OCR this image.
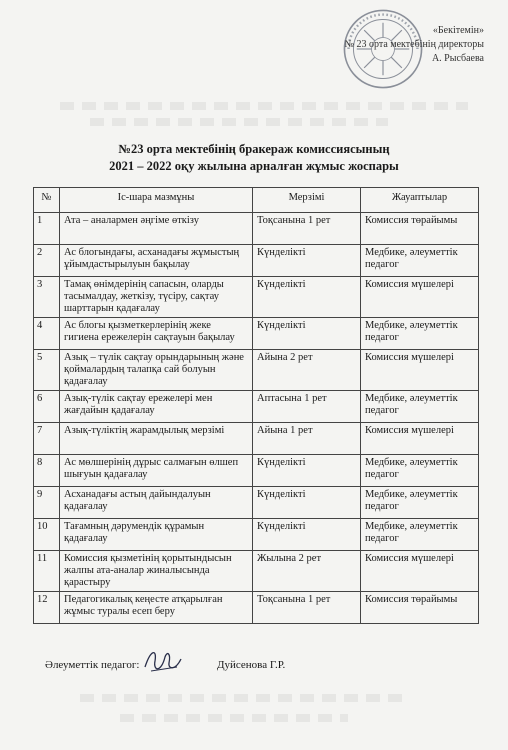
«Бекітемін»
№ 23 орта мектебінің директоры
А. Рысбаева
№23 орта мектебінің бракераж комиссиясының
2021 – 2022 оқу жылына арналған жұмыс жоспары
№	Іс-шара мазмұны	Мерзімі	Жауаптылар
1	Ата – аналармен әңгіме өткізу	Тоқсанына 1 рет	Комиссия төрайымы
2	Ас блогындағы, асханадағы жұмыстың ұйымдастырылуын бақылау	Күнделікті	Медбике, әлеуметтік педагог
3	Тамақ өнімдерінің сапасын, оларды тасымалдау, жеткізу, түсіру, сақтау шарттарын қадағалау	Күнделікті	Комиссия мүшелері
4	Ас блогы қызметкерлерінің жеке гигиена ережелерін сақтауын бақылау	Күнделікті	Медбике, әлеуметтік педагог
5	Азық – түлік сақтау орындарының және қоймалардың талапқа сай болуын қадағалау	Айына 2 рет	Комиссия мүшелері
6	Азық-түлік сақтау ережелері мен жағдайын қадағалау	Аптасына 1 рет	Медбике, әлеуметтік педагог
7	Азық-түліктің жарамдылық мерзімі	Айына 1 рет	Комиссия мүшелері
8	Ас мөлшерінің дұрыс салмағын өлшеп шығуын қадағалау	Күнделікті	Медбике, әлеуметтік педагог
9	Асханадағы астың дайындалуын қадағалау	Күнделікті	Медбике, әлеуметтік педагог
10	Тағамның дәрумендік құрамын қадағалау	Күнделікті	Медбике, әлеуметтік педагог
11	Комиссия қызметінің қорытындысын жалпы ата-аналар жиналысында қарастыру	Жылына 2 рет	Комиссия мүшелері
12	Педагогикалық кеңесте атқарылған жұмыс туралы есеп беру	Тоқсанына 1 рет	Комиссия төрайымы
Әлеуметтік педагог:	Дуйсенова Г.Р.
